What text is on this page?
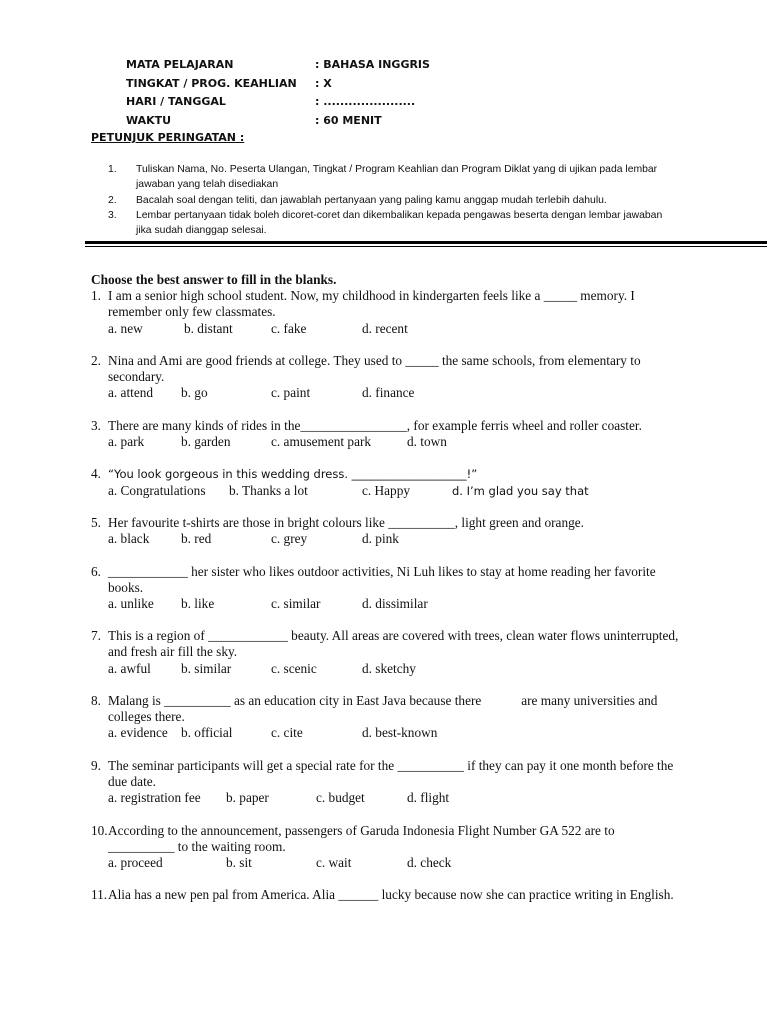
MATA PELAJARAN	: BAHASA INGGRIS
TINGKAT / PROG. KEAHLIAN : X
HARI / TANGGAL	: ......................
WAKTU	: 60 MENIT
PETUNJUK PERINGATAN :
1. Tuliskan Nama, No. Peserta Ulangan, Tingkat / Program Keahlian dan Program Diklat yang di ujikan pada lembar jawaban yang telah disediakan
2. Bacalah soal dengan teliti, dan jawablah pertanyaan yang paling kamu anggap mudah terlebih dahulu.
3. Lembar pertanyaan tidak boleh dicoret-coret dan dikembalikan kepada pengawas beserta dengan lembar jawaban jika sudah dianggap selesai.
Choose the best answer to fill in the blanks.
1. I am a senior high school student. Now, my childhood in kindergarten feels like a _____ memory. I remember only few classmates.
a. new	b. distant	c. fake	d. recent
2. Nina and Ami are good friends at college. They used to _____ the same schools, from elementary to secondary.
a. attend b. go	c. paint	d. finance
3. There are many kinds of rides in the________________, for example ferris wheel and roller coaster.
a. park	b. garden	c. amusement park	d. town
4. “You look gorgeous in this wedding dress. ____________________!”
a. Congratulations b. Thanks a lot	c. Happy	d. I’m glad you say that
5. Her favourite t-shirts are those in bright colours like __________, light green and orange.
a. black b. red	c. grey	d. pink
6. ____________ her sister who likes outdoor activities, Ni Luh likes to stay at home reading her favorite books.
a. unlike b. like	c. similar	d. dissimilar
7. This is a region of ____________ beauty. All areas are covered with trees, clean water flows uninterrupted, and fresh air fill the sky.
a. awful b. similar	c. scenic	d. sketchy
8. Malang is __________ as an education city in East Java because there            are many universities and colleges there.
a. evidence b. official	c. cite	d. best-known
9. The seminar participants will get a special rate for the __________ if they can pay it one month before the due date.
a. registration fee b. paper	c. budget	d. flight
10. According to the announcement, passengers of Garuda Indonesia Flight Number GA 522 are to __________ to the waiting room.
a. proceed	b. sit	c. wait	d. check
11. Alia has a new pen pal from America. Alia ______ lucky because now she can practice writing in English.
